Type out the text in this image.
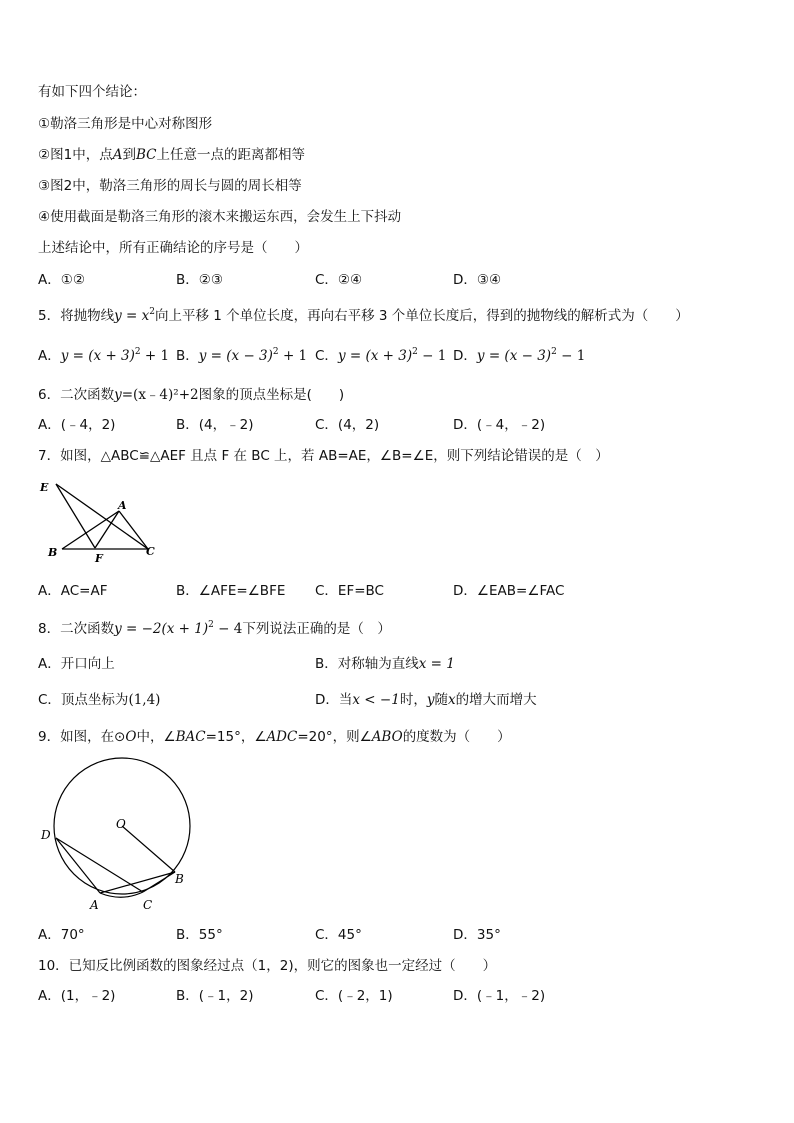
有如下四个结论：
①勒洛三角形是中心对称图形
②图1中，点A到BC上任意一点的距离都相等
③图2中，勒洛三角形的周长与圆的周长相等
④使用截面是勒洛三角形的滚木来搬运东西，会发生上下抖动
上述结论中，所有正确结论的序号是（　　）
A．①②	B．②③	C．②④	D．③④
5．将抛物线$y = x^2$向上平移 1 个单位长度，再向右平移 3 个单位长度后，得到的抛物线的解析式为（　　）
A．$y = (x + 3)^2 + 1$ B．$y = (x - 3)^2 + 1$ C．$y = (x + 3)^2 - 1$ D．$y = (x - 3)^2 - 1$
6．二次函数y=(x﹣4)²+2图象的顶点坐标是(　　)
A．(﹣4，2)	B．(4，﹣2)	C．(4，2)	D．(﹣4，﹣2)
7．如图，△ABC≌△AEF 且点 F 在 BC 上，若 AB=AE，∠B=∠E，则下列结论错误的是（　）
E
A
B	F
C
A．AC=AF	B．∠AFE=∠BFE C．EF=BC	D．∠EAB=∠FAC
8．二次函数$y = -2(x + 1)^2 - 4$下列说法正确的是（　）
A．开口向上	B．对称轴为直线x = 1
C．顶点坐标为(1,4)	D．当x < −1时，y随x的增大而增大
9．如图，在⊙O中，∠BAC=15°，∠ADC=20°，则∠ABO的度数为（　　）
O
D
A	C
B
A．70°	B．55°	C．45°	D．35°
10．已知反比例函数的图象经过点（1，2)，则它的图象也一定经过（　　）
A．(1，﹣2)	B．(﹣1，2)	C．(﹣2，1)	D．(﹣1，﹣2)
